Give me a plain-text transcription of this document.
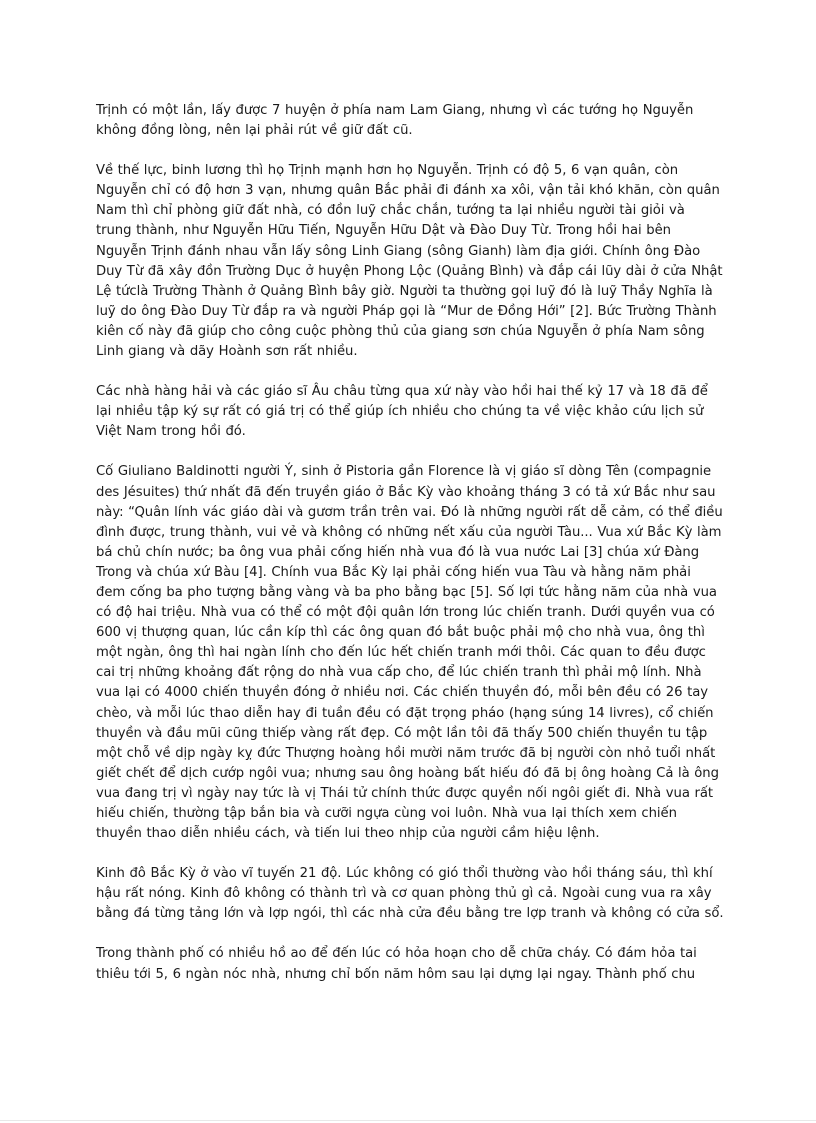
Trịnh có một lần, lấy được 7 huyện ở phía nam Lam Giang, nhưng vì các tướng họ Nguyễn không đồng lòng, nên lại phải rút về giữ đất cũ.

Về thế lực, binh lương thì họ Trịnh mạnh hơn họ Nguyễn. Trịnh có độ 5, 6 vạn quân, còn Nguyễn chỉ có độ hơn 3 vạn, nhưng quân Bắc phải đi đánh xa xôi, vận tải khó khăn, còn quân Nam thì chỉ phòng giữ đất nhà, có đồn luỹ chắc chắn, tướng ta lại nhiều người tài giỏi và trung thành, như Nguyễn Hữu Tiến, Nguyễn Hữu Dật và Đào Duy Từ. Trong hồi hai bên Nguyễn Trịnh đánh nhau vẫn lấy sông Linh Giang (sông Gianh) làm địa giới. Chính ông Đào Duy Từ đã xây đồn Trường Dục ở huyện Phong Lộc (Quảng Bình) và đắp cái lũy dài ở cửa Nhật Lệ tứclà Trường Thành ở Quảng Bình bây giờ. Người ta thường gọi luỹ đó là luỹ Thầy Nghĩa là luỹ do ông Đào Duy Từ đắp ra và người Pháp gọi là “Mur de Đồng Hới” [2]. Bức Trường Thành kiên cố này đã giúp cho công cuộc phòng thủ của giang sơn chúa Nguyễn ở phía Nam sông Linh giang và dãy Hoành sơn rất nhiều.

Các nhà hàng hải và các giáo sĩ Âu châu từng qua xứ này vào hồi hai thế kỷ 17 và 18 đã để lại nhiều tập ký sự rất có giá trị có thể giúp ích nhiều cho chúng ta về việc khảo cứu lịch sử Việt Nam trong hồi đó.

Cố Giuliano Baldinotti người Ý, sinh ở Pistoria gần Florence là vị giáo sĩ dòng Tên (compagnie des Jésuites) thứ nhất đã đến truyền giáo ở Bắc Kỳ vào khoảng tháng 3 có tả xứ Bắc như sau này: “Quân lính vác giáo dài và gươm trần trên vai. Đó là những người rất dễ cảm, có thể điều đình được, trung thành, vui vẻ và không có những nết xấu của người Tàu... Vua xứ Bắc Kỳ làm bá chủ chín nước; ba ông vua phải cống hiến nhà vua đó là vua nước Lai [3] chúa xứ Đàng Trong và chúa xứ Bàu [4]. Chính vua Bắc Kỳ lại phải cống hiến vua Tàu và hằng năm phải đem cống ba pho tượng bằng vàng và ba pho bằng bạc [5]. Số lợi tức hằng năm của nhà vua có độ hai triệu. Nhà vua có thể có một đội quân lớn trong lúc chiến tranh. Dưới quyền vua có 600 vị thượng quan, lúc cần kíp thì các ông quan đó bắt buộc phải mộ cho nhà vua, ông thì một ngàn, ông thì hai ngàn lính cho đến lúc hết chiến tranh mới thôi. Các quan to đều được cai trị những khoảng đất rộng do nhà vua cấp cho, để lúc chiến tranh thì phải mộ lính. Nhà vua lại có 4000 chiến thuyền đóng ở nhiều nơi. Các chiến thuyền đó, mỗi bên đều có 26 tay chèo, và mỗi lúc thao diễn hay đi tuần đều có đặt trọng pháo (hạng súng 14 livres), cổ chiến thuyền và đầu mũi cũng thiếp vàng rất đẹp. Có một lần tôi đã thấy 500 chiến thuyền tu tập một chỗ về dịp ngày kỵ đức Thượng hoàng hồi mười năm trước đã bị người còn nhỏ tuổi nhất giết chết để dịch cướp ngôi vua; nhưng sau ông hoàng bất hiếu đó đã bị ông hoàng Cả là ông vua đang trị vì ngày nay tức là vị Thái tử chính thức được quyền nối ngôi giết đi. Nhà vua rất hiếu chiến, thường tập bắn bia và cưỡi ngựa cùng voi luôn. Nhà vua lại thích xem chiến thuyền thao diễn nhiều cách, và tiến lui theo nhịp của người cầm hiệu lệnh.

Kinh đô Bắc Kỳ ở vào vĩ tuyến 21 độ. Lúc không có gió thổi thường vào hồi tháng sáu, thì khí hậu rất nóng. Kinh đô không có thành trì và cơ quan phòng thủ gì cả. Ngoài cung vua ra xây bằng đá từng tảng lớn và lợp ngói, thì các nhà cửa đều bằng tre lợp tranh và không có cửa sổ.

Trong thành phố có nhiều hồ ao để đến lúc có hỏa hoạn cho dễ chữa cháy. Có đám hỏa tai thiêu tới 5, 6 ngàn nóc nhà, nhưng chỉ bốn năm hôm sau lại dựng lại ngay. Thành phố chu
